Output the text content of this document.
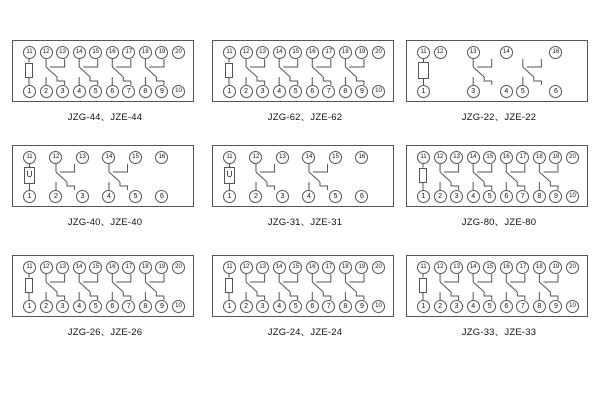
11	12	13	14	15	16	17	18	19	20
1	2	3	4	5	6	7	8	9	10
JZG-44、JZE-44
11	12	13	14	15	16	17	18	19	20
1	2	3	4	5	6	7	8	9	10
JZG-62、JZE-62
11	12	13	14	16
1	3	4	5	6
JZG-22、JZE-22
11	12	13	14	15	16
1	2	3	4	5	6
U
JZG-40、JZE-40
11	12	13	14	15	16
1	2	3	4	5	6
U
JZG-31、JZE-31
11	12	13	14	15	16	17	18	19	20
1	2	3	4	5	6	7	8	9	10
JZG-80、JZE-80
11	12	13	14	15	16	17	18	19	20
1	2	3	4	5	6	7	8	9	10
JZG-26、JZE-26
11	12	13	14	15	16	17	18	19	20
1	2	3	4	5	6	7	8	9	10
JZG-24、JZE-24
11	12	13	14	15	16	17	18	19	20
1	2	3	4	5	6	7	8	9	10
JZG-33、JZE-33
